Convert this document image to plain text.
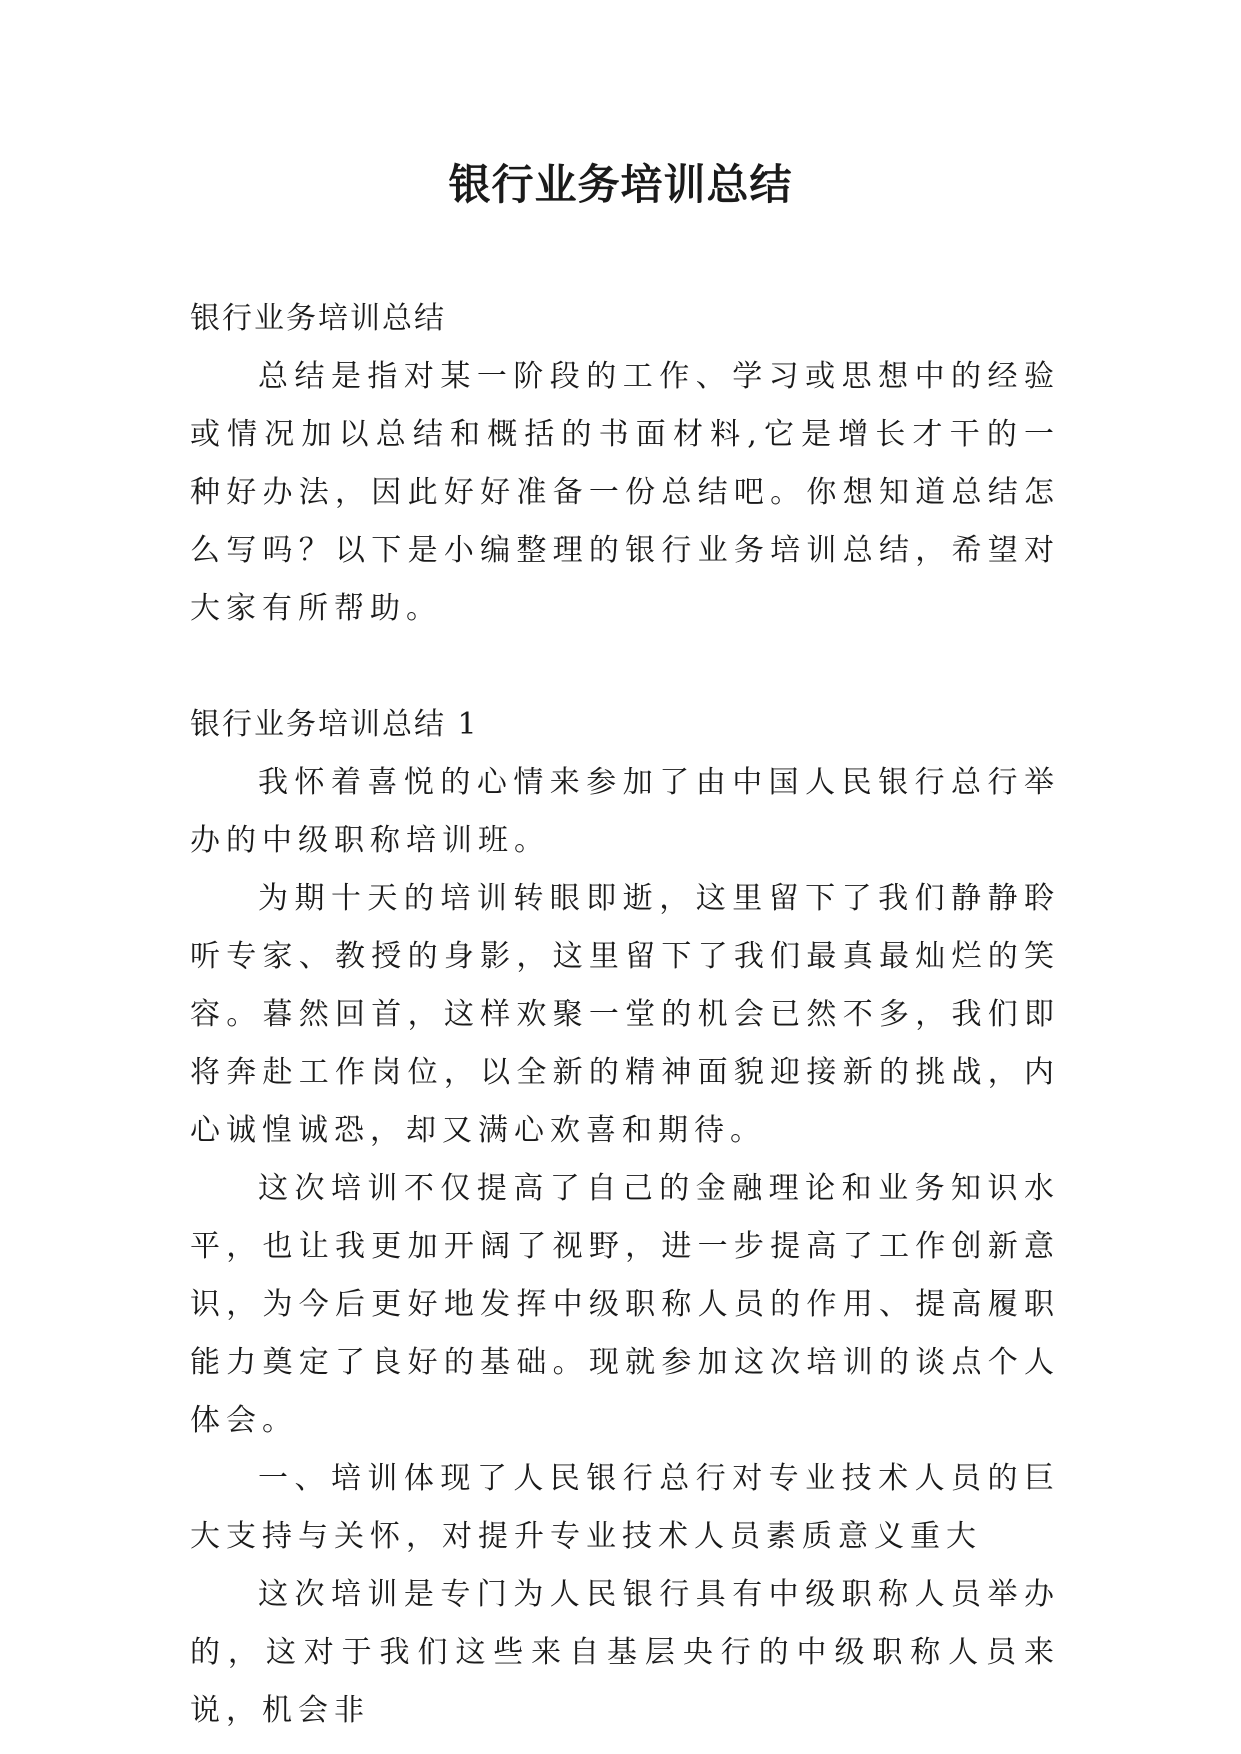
银行业务培训总结

银行业务培训总结

总结是指对某一阶段的工作、学习或思想中的经验或情况加以总结和概括的书面材料,它是增长才干的一种好办法，因此好好准备一份总结吧。你想知道总结怎么写吗？以下是小编整理的银行业务培训总结，希望对大家有所帮助。

银行业务培训总结 1

我怀着喜悦的心情来参加了由中国人民银行总行举办的中级职称培训班。

为期十天的培训转眼即逝，这里留下了我们静静聆听专家、教授的身影，这里留下了我们最真最灿烂的笑容。暮然回首，这样欢聚一堂的机会已然不多，我们即将奔赴工作岗位，以全新的精神面貌迎接新的挑战，内心诚惶诚恐，却又满心欢喜和期待。

这次培训不仅提高了自己的金融理论和业务知识水平，也让我更加开阔了视野，进一步提高了工作创新意识，为今后更好地发挥中级职称人员的作用、提高履职能力奠定了良好的基础。现就参加这次培训的谈点个人体会。

一、培训体现了人民银行总行对专业技术人员的巨大支持与关怀，对提升专业技术人员素质意义重大

这次培训是专门为人民银行具有中级职称人员举办的，这对于我们这些来自基层央行的中级职称人员来说，机会非
